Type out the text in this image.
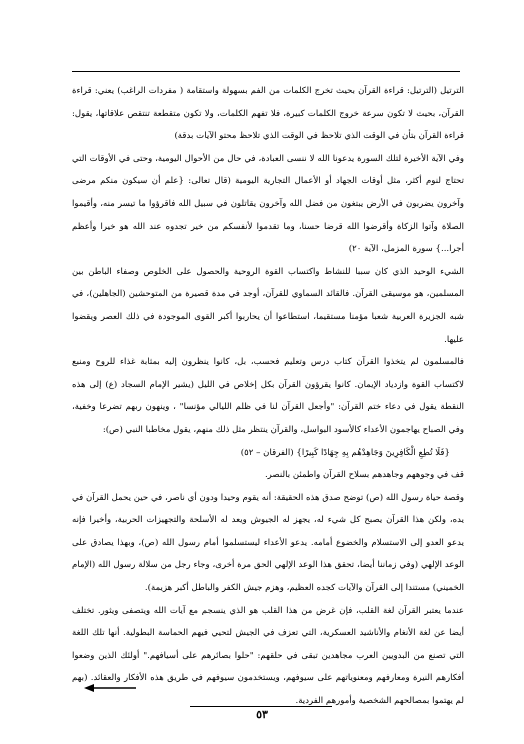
الترتيل (الترتيل: قراءة القرآن بحيث تخرج الكلمات من الفم بسهولة واستقامة ( مفردات الراغب) يعني: قراءة القرآن، بحيث لا تكون سرعة خروج الكلمات كبيرة، فلا تفهم الكلمات، ولا تكون متقطعة تنتقص علاقاتها، يقول: قراءة القرآن بتأن في الوقت الذي تلاحظ في الوقت الذي تلاحظ محتو الآيات بدقة)

وفي الآية الأخيرة لتلك السورة يدعونا الله لا ننسى العبادة، في حال من الأحوال اليومية، وحتى في الأوقات التي تحتاج لنوم أكثر، مثل أوقات الجهاد أو الأعمال التجارية اليومية (قال تعالى: {علم أن سيكون منكم مرضى وآخرون يضربون في الأرض يبتغون من فضل الله وآخرون يقاتلون في سبيل الله فاقرؤوا ما تيسر منه، وأقيموا الصلاة وآتوا الزكاة وأقرضوا الله قرضا حسنا، وما تقدموا لأنفسكم من خير تجدوه عند الله هو خيرا وأعظم أجرا...} سورة المزمل، الآية ٢٠)

الشيء الوحيد الذي كان سببا للنشاط واكتساب القوة الروحية والحصول على الخلوص وصفاء الباطن بين المسلمين، هو موسيقى القرآن. فالقائد السماوي للقرآن، أوجد في مدة قصيرة من المتوحشين (الجاهلين)، في شبه الجزيرة العربية شعبا مؤمنا مستقيما، استطاعوا أن يحاربوا أكبر القوى الموجودة في ذلك العصر ويقضوا عليها.

فالمسلمون لم يتخذوا القرآن كتاب درس وتعليم فحسب، بل، كانوا ينظرون إليه بمثابة غذاء للروح ومنبع لاكتساب القوة وازدياد الإيمان. كانوا يقرؤون القرآن بكل إخلاص في الليل (يشير الإمام السجاد (ع) إلى هذه النقطة يقول في دعاء ختم القرآن: "وأجعل القرآن لنا في ظلم الليالي مؤنسا" ، وينهون ربهم تضرعا وخفية، وفي الصباح يهاجمون الأعداء كالأسود البواسل، والقرآن ينتظر مثل ذلك منهم، يقول مخاطبا النبي (ص):

{فَلَا تُطِعِ الْكَافِرِينَ وَجَاهِدْهُم بِهِ جِهَادًا كَبِيرًا} (الفرقان – ٥٢)

قف في وجوههم وجاهدهم بسلاح القرآن واطمئن بالنصر.

وقصة حياة رسول الله (ص) توضح صدق هذه الحقيقة: أنه يقوم وحيدا ودون أي ناصر، في حين يحمل القرآن في يده، ولكن هذا القرآن يصبح كل شيء له، يجهز له الجيوش ويعد له الأسلحة والتجهيزات الحربية، وأخيرا فإنه يدعو العدو إلى الاستسلام والخضوع أمامه. يدعو الأعداء ليستسلموا أمام رسول الله (ص)، وبهذا يصادق على الوعد الإلهي (وفي زماننا أيضا، تحقق هذا الوعد الإلهي الحق مرة أخرى، وجاء رجل من سلالة رسول الله (الإمام الخميني) مستندا إلى القرآن والآيات كجده العظيم، وهزم جيش الكفر والباطل أكبر هزيمة).

عندما يعتبر القرآن لغة القلب، فإن غرض من هذا القلب هو الذي ينسجم مع آيات الله ويتصفى ويثور. تختلف أيضا عن لغة الأنغام والأناشيد العسكرية، التي تعزف في الجيش لتحيي فيهم الحماسة البطولية. أنها تلك اللغة التي تصنع من البدويين العرب مجاهدين تبقى في حلقهم: "حلوا بصائرهم على أسيافهم." أولئك الذين وضعوا أفكارهم النيرة ومعارفهم ومعنوياتهم على سيوفهم، ويستخدمون سيوفهم في طريق هذه الأفكار والعقائد. (بهم لم يهتموا بمصالحهم الشخصية وأمورهم الفردية.

٥٣
